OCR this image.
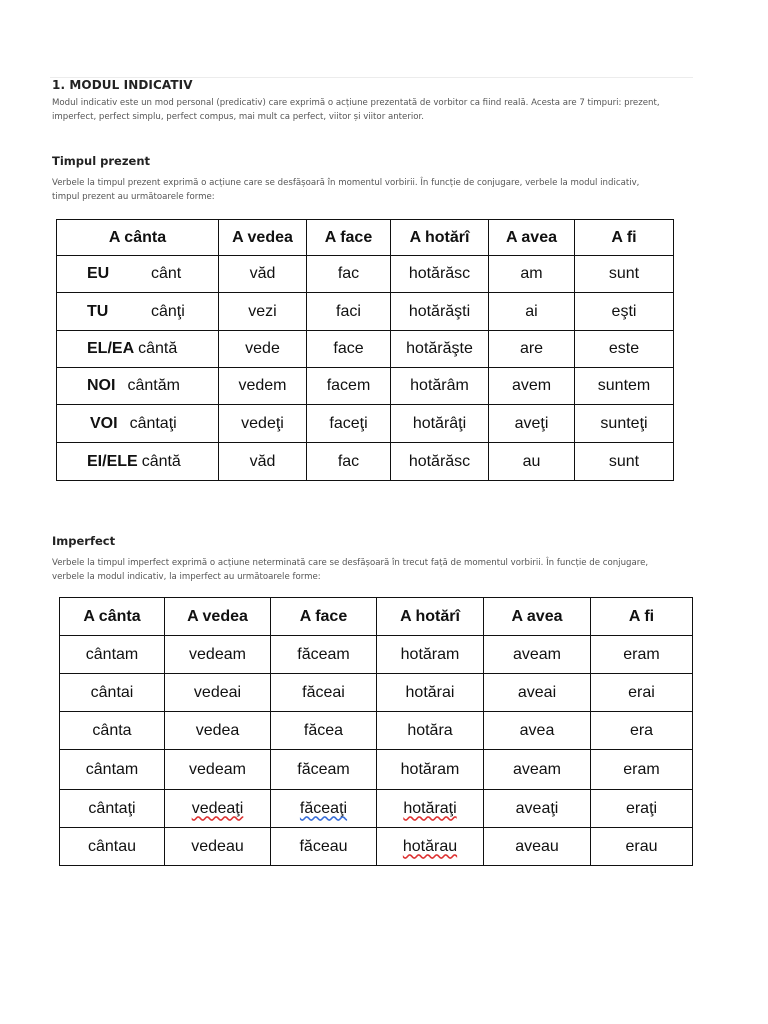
1. MODUL INDICATIV
Modul indicativ este un mod personal (predicativ) care exprimă o acțiune prezentată de vorbitor ca fiind reală. Acesta are 7 timpuri: prezent,
imperfect, perfect simplu, perfect compus, mai mult ca perfect, viitor și viitor anterior.
Timpul prezent
Verbele la timpul prezent exprimă o acțiune care se desfășoară în momentul vorbirii. În funcție de conjugare, verbele la modul indicativ,
timpul prezent au următoarele forme:
A cânta	A vedea	A face	A hotărî	A avea	A fi

EU cânt	văd	fac	hotărăsc	am	sunt

TU cânţi	vezi	faci	hotărăşti	ai	eşti

EL/EA cântă	vede	face	hotărăşte	are	este

NOI cântăm	vedem	facem	hotărâm	avem	suntem

VOI cântaţi	vedeţi	faceţi	hotărâţi	aveţi	sunteţi

EI/ELE cântă	văd	fac	hotărăsc	au	sunt
Imperfect
Verbele la timpul imperfect exprimă o acțiune neterminată care se desfășoară în trecut față de momentul vorbirii. În funcție de conjugare,
verbele la modul indicativ, la imperfect au următoarele forme:
A cânta	A vedea	A face	A hotărî	A avea	A fi
cântam	vedeam	făceam	hotăram	aveam	eram
cântai	vedeai	făceai	hotărai	aveai	erai
cânta	vedea	făcea	hotăra	avea	era
cântam	vedeam	făceam	hotăram	aveam	eram
cântaţi	vedeaţi	făceaţi	hotăraţi	aveaţi	eraţi
cântau	vedeau	făceau	hotărau	aveau	erau
